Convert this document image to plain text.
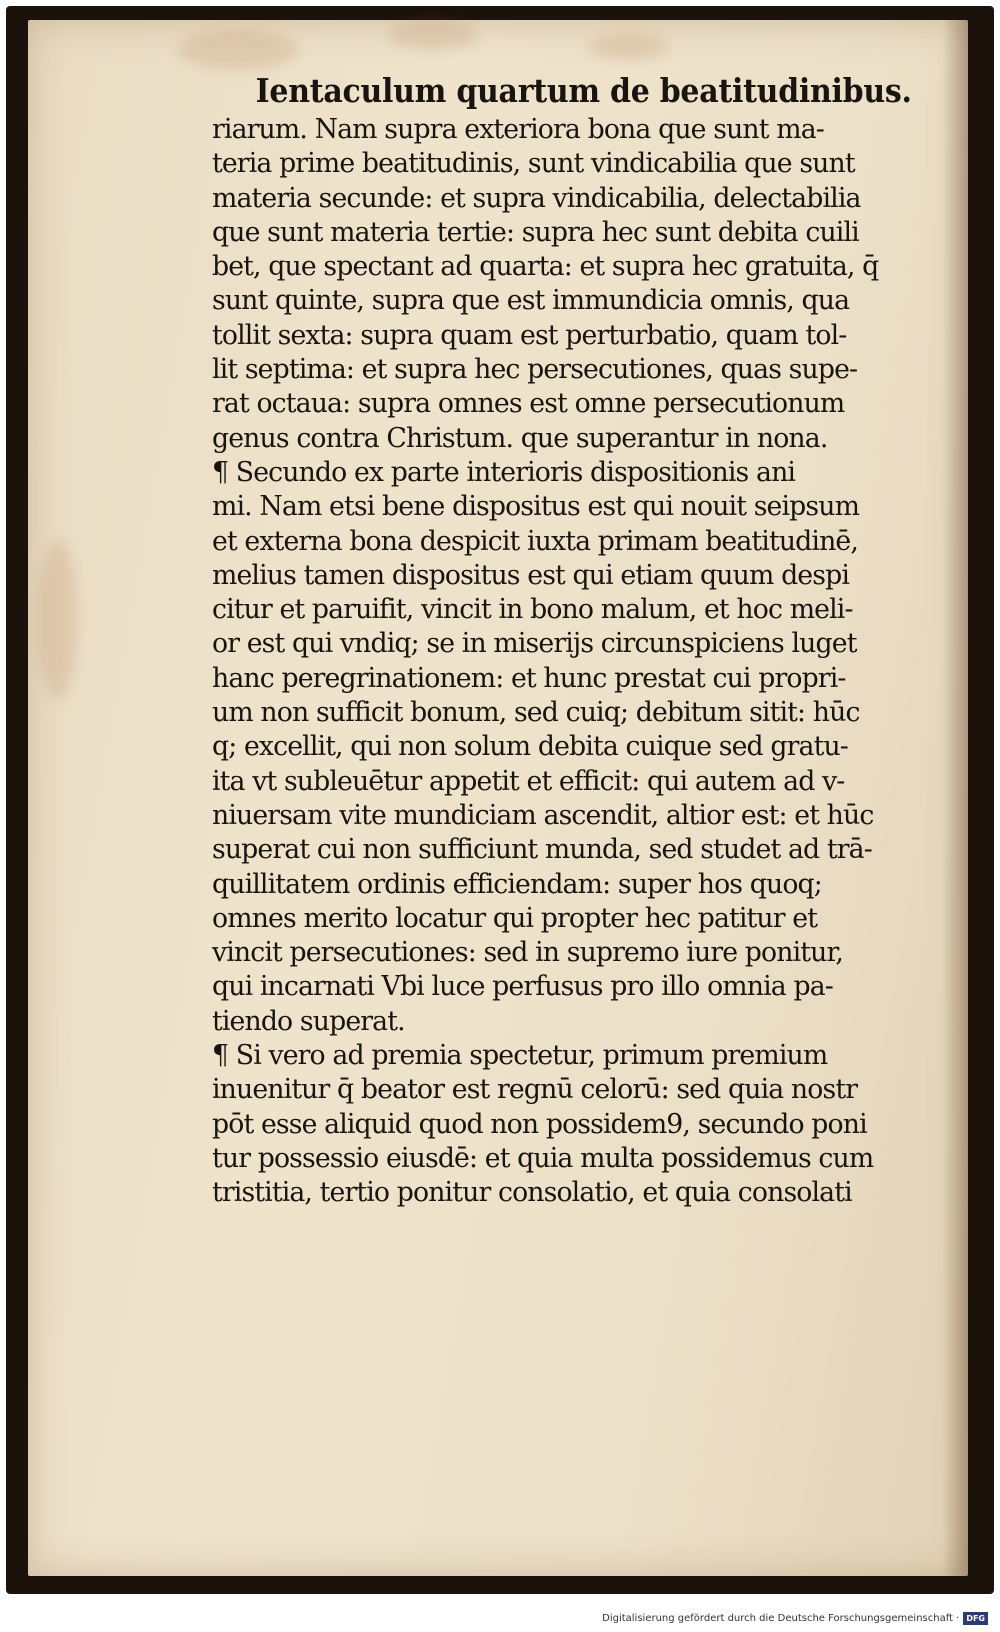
Ientaculum quartum de beatitudinibus.
riarum. Nam supra exteriora bona que sunt ma-
teria prime beatitudinis, sunt vindicabilia que sunt
materia secunde: et supra vindicabilia, delectabilia
que sunt materia tertie: supra hec sunt debita cuili
bet, que spectant ad quarta: et supra hec gratuita, q̄
sunt quinte, supra que est immundicia omnis, qua
tollit sexta: supra quam est perturbatio, quam tol-
lit septima: et supra hec persecutiones, quas supe-
rat octaua: supra omnes est omne persecutionum
genus contra Christum. que superantur in nona.
¶ Secundo ex parte interioris dispositionis ani
mi. Nam etsi bene dispositus est qui nouit seipsum
et externa bona despicit iuxta primam beatitudinē,
melius tamen dispositus est qui etiam quum despi
citur et paruifit, vincit in bono malum, et hoc meli-
or est qui vndiq; se in miserijs circunspiciens luget
hanc peregrinationem: et hunc prestat cui propri-
um non sufficit bonum, sed cuiq; debitum sitit: hūc
q; excellit, qui non solum debita cuique sed gratu-
ita vt subleuētur appetit et efficit: qui autem ad v-
niuersam vite mundiciam ascendit, altior est: et hūc
superat cui non sufficiunt munda, sed studet ad trā-
quillitatem ordinis efficiendam: super hos quoq;
omnes merito locatur qui propter hec patitur et
vincit persecutiones: sed in supremo iure ponitur,
qui incarnati Vbi luce perfusus pro illo omnia pa-
tiendo superat.
¶ Si vero ad premia spectetur, primum premium
inuenitur q̄ beator est regnū celorū: sed quia nostr
pōt esse aliquid quod non possidem9, secundo poni
tur possessio eiusdē: et quia multa possidemus cum
tristitia, tertio ponitur consolatio, et quia consolati
Digitalisierung gefördert durch die Deutsche Forschungsgemeinschaft · DFG
